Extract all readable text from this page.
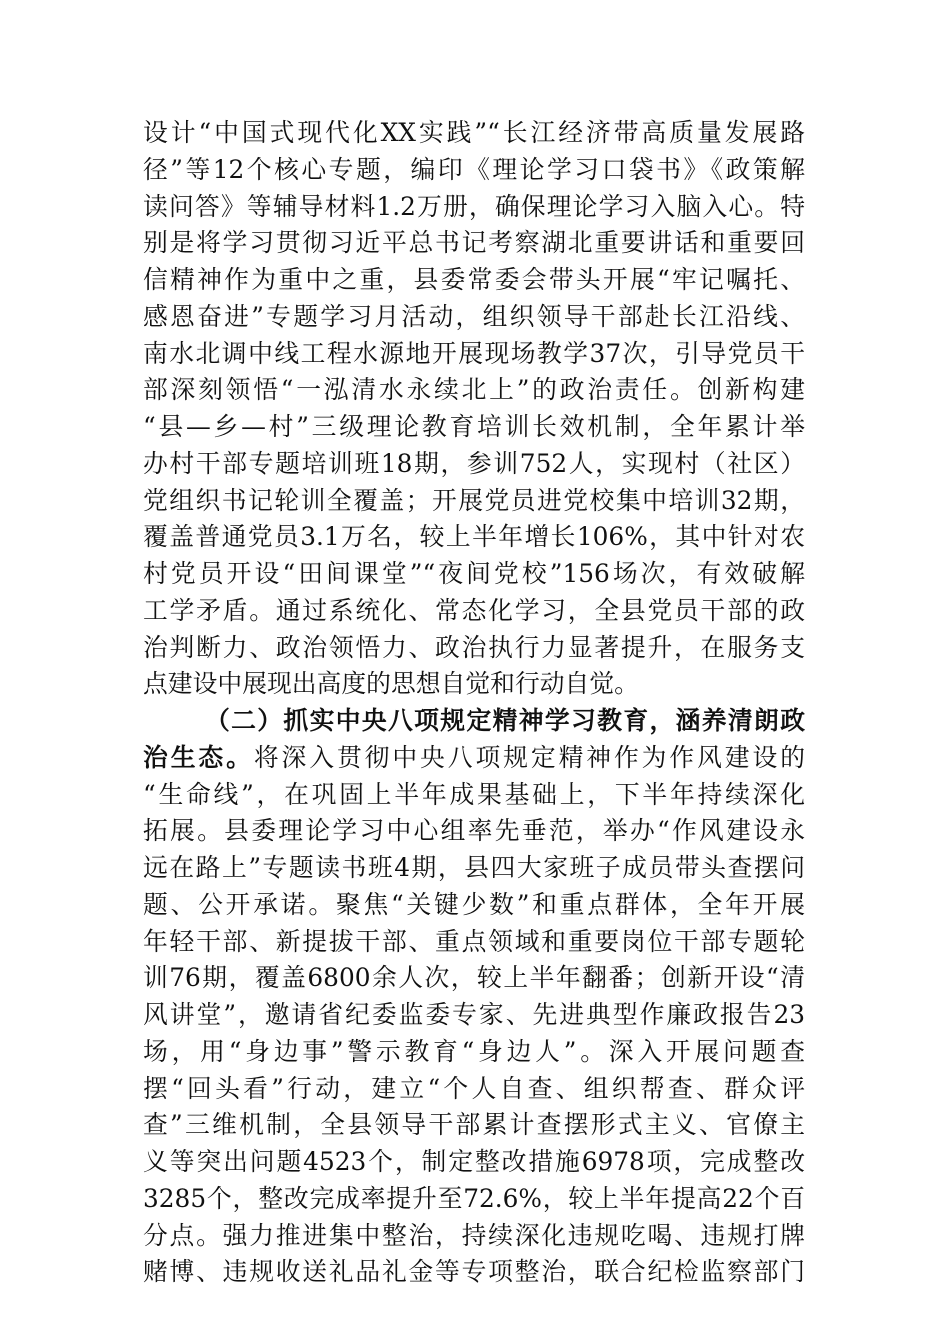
设计“中国式现代化XX实践”“长江经济带高质量发展路
径”等12个核心专题，编印《理论学习口袋书》《政策解
读问答》等辅导材料1.2万册，确保理论学习入脑入心。特
别是将学习贯彻习近平总书记考察湖北重要讲话和重要回
信精神作为重中之重，县委常委会带头开展“牢记嘱托、
感恩奋进”专题学习月活动，组织领导干部赴长江沿线、
南水北调中线工程水源地开展现场教学37次，引导党员干
部深刻领悟“一泓清水永续北上”的政治责任。创新构建
“县—乡—村”三级理论教育培训长效机制，全年累计举
办村干部专题培训班18期，参训752人，实现村（社区）
党组织书记轮训全覆盖；开展党员进党校集中培训32期，
覆盖普通党员3.1万名，较上半年增长106%，其中针对农
村党员开设“田间课堂”“夜间党校”156场次，有效破解
工学矛盾。通过系统化、常态化学习，全县党员干部的政
治判断力、政治领悟力、政治执行力显著提升，在服务支
点建设中展现出高度的思想自觉和行动自觉。
（二）抓实中央八项规定精神学习教育，涵养清朗政
治生态。将深入贯彻中央八项规定精神作为作风建设的
“生命线”，在巩固上半年成果基础上，下半年持续深化
拓展。县委理论学习中心组率先垂范，举办“作风建设永
远在路上”专题读书班4期，县四大家班子成员带头查摆问
题、公开承诺。聚焦“关键少数”和重点群体，全年开展
年轻干部、新提拔干部、重点领域和重要岗位干部专题轮
训76期，覆盖6800余人次，较上半年翻番；创新开设“清
风讲堂”，邀请省纪委监委专家、先进典型作廉政报告23
场，用“身边事”警示教育“身边人”。深入开展问题查
摆“回头看”行动，建立“个人自查、组织帮查、群众评
查”三维机制，全县领导干部累计查摆形式主义、官僚主
义等突出问题4523个，制定整改措施6978项，完成整改
3285个，整改完成率提升至72.6%，较上半年提高22个百
分点。强力推进集中整治，持续深化违规吃喝、违规打牌
赌博、违规收送礼品礼金等专项整治，联合纪检监察部门
